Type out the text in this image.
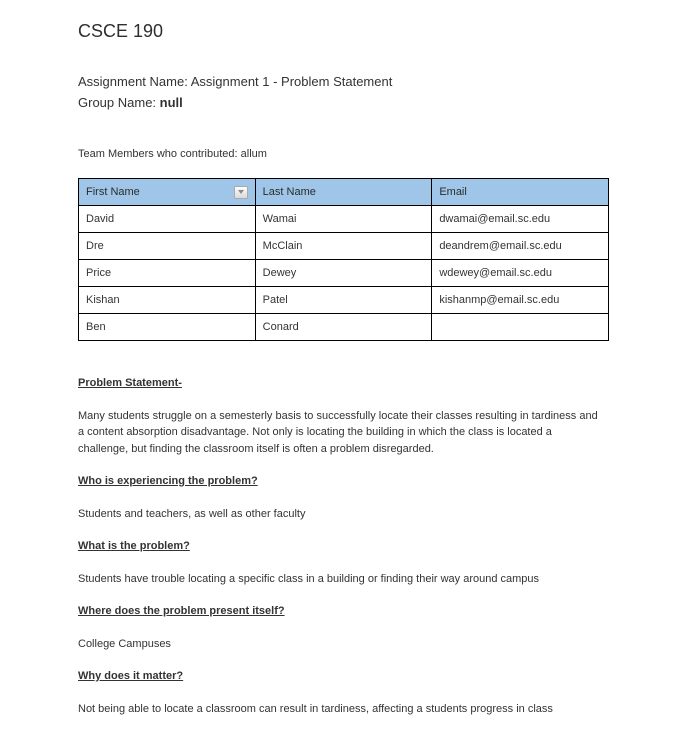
CSCE 190

Assignment Name: Assignment 1 - Problem Statement

Group Name: null

Team Members who contributed: allum

First Name	Last Name	Email
David	Wamai	dwamai@email.sc.edu
Dre	McClain	deandrem@email.sc.edu
Price	Dewey	wdewey@email.sc.edu
Kishan	Patel	kishanmp@email.sc.edu
Ben	Conard	
Problem Statement-
Many students struggle on a semesterly basis to successfully locate their classes resulting in tardiness and a content absorption disadvantage. Not only is locating the building in which the class is located a challenge, but finding the classroom itself is often a problem disregarded.
Who is experiencing the problem?
Students and teachers, as well as other faculty
What is the problem?
Students have trouble locating a specific class in a building or finding their way around campus
Where does the problem present itself?
College Campuses
Why does it matter?
Not being able to locate a classroom can result in tardiness, affecting a students progress in class
